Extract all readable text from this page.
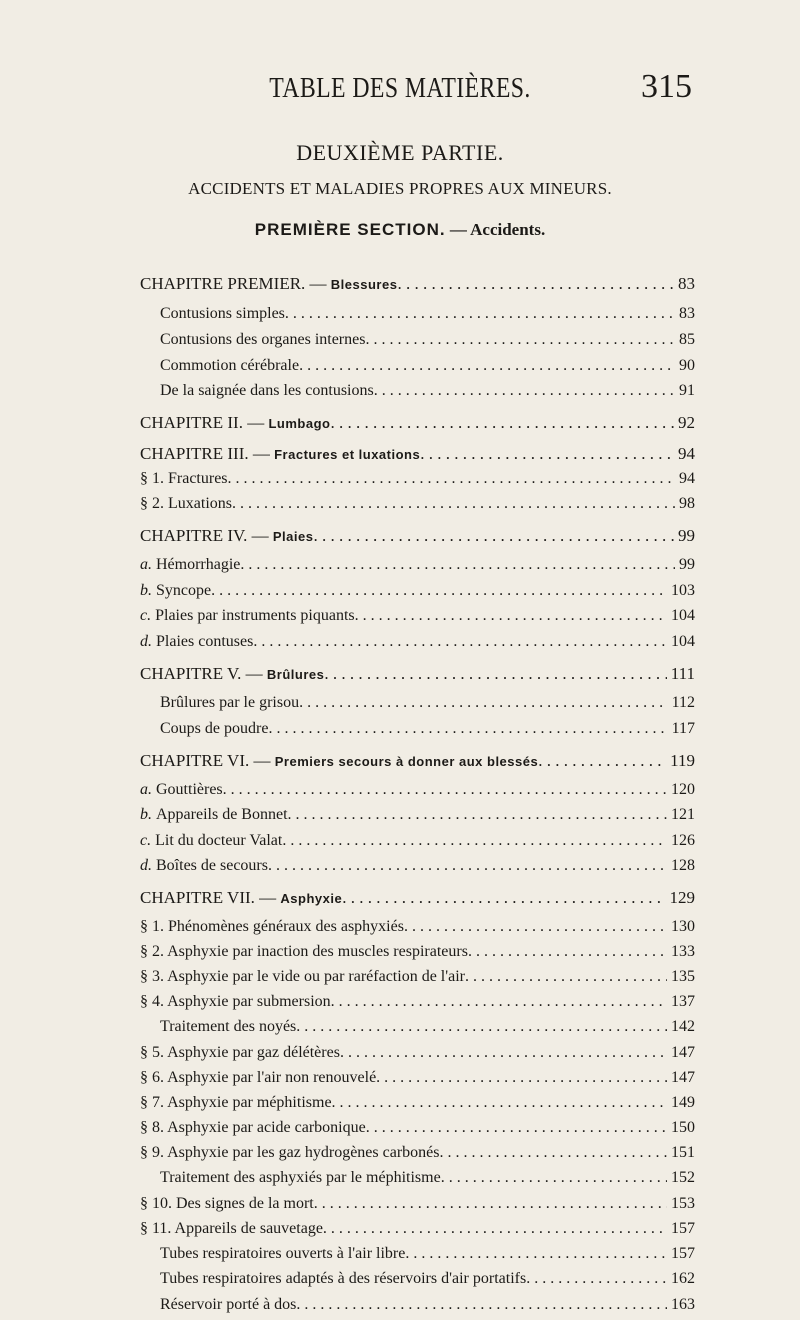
TABLE DES MATIÈRES.	315
DEUXIÈME PARTIE.
ACCIDENTS ET MALADIES PROPRES AUX MINEURS.
PREMIÈRE SECTION. — Accidents.
CHAPITRE PREMIER. — Blessures . . .	83
Contusions simples . . .	83
Contusions des organes internes . . .	85
Commotion cérébrale . . .	90
De la saignée dans les contusions . . .	91
CHAPITRE II. — Lumbago . . .	92
CHAPITRE III. — Fractures et luxations . . .	94
§ 1. Fractures . . .	94
§ 2. Luxations . . .	98
CHAPITRE IV. — Plaies . . .	99
a. Hémorrhagie . . .	99
b. Syncope . . .	103
c. Plaies par instruments piquants . . .	104
d. Plaies contuses . . .	104
CHAPITRE V. — Brûlures . . .	111
Brûlures par le grisou . . .	112
Coups de poudre . . .	117
CHAPITRE VI. — Premiers secours à donner aux blessés . . .	119
a. Gouttières . . .	120
b. Appareils de Bonnet . . .	121
c. Lit du docteur Valat . . .	126
d. Boîtes de secours . . .	128
CHAPITRE VII. — Asphyxie . . .	129
§ 1. Phénomènes généraux des asphyxiés . . .	130
§ 2. Asphyxie par inaction des muscles respirateurs . . .	133
§ 3. Asphyxie par le vide ou par raréfaction de l'air . . .	135
§ 4. Asphyxie par submersion . . .	137
Traitement des noyés . . .	142
§ 5. Asphyxie par gaz délétères . . .	147
§ 6. Asphyxie par l'air non renouvelé . . .	147
§ 7. Asphyxie par méphitisme . . .	149
§ 8. Asphyxie par acide carbonique . . .	150
§ 9. Asphyxie par les gaz hydrogènes carbonés . . .	151
Traitement des asphyxiés par le méphitisme . . .	152
§ 10. Des signes de la mort . . .	153
§ 11. Appareils de sauvetage . . .	157
Tubes respiratoires ouverts à l'air libre . . .	157
Tubes respiratoires adaptés à des réservoirs d'air portatifs . . .	162
Réservoir porté à dos . . .	163
